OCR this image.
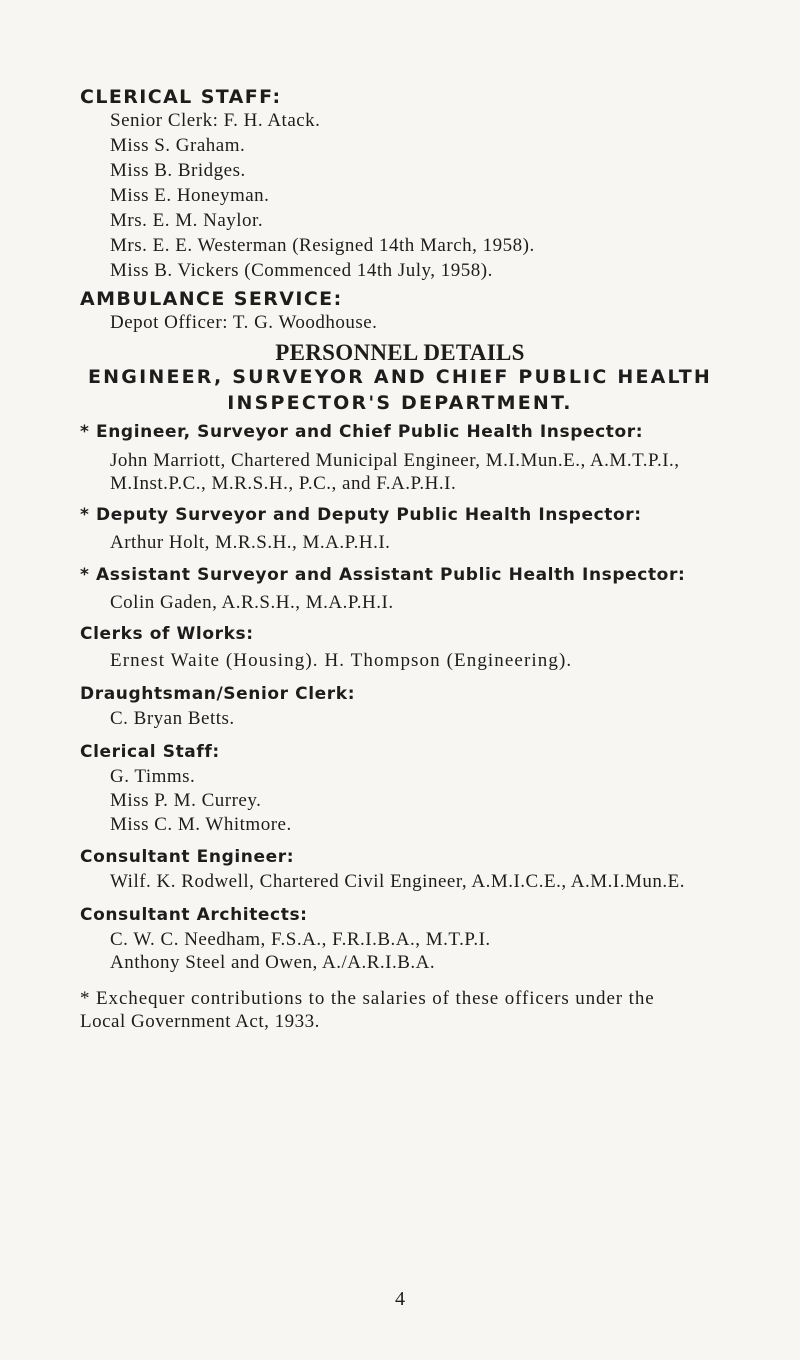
CLERICAL STAFF:
Senior Clerk: F. H. Atack.
Miss S. Graham.
Miss B. Bridges.
Miss E. Honeyman.
Mrs. E. M. Naylor.
Mrs. E. E. Westerman (Resigned 14th March, 1958).
Miss B. Vickers (Commenced 14th July, 1958).
AMBULANCE SERVICE:
Depot Officer: T. G. Woodhouse.
PERSONNEL DETAILS
ENGINEER, SURVEYOR AND CHIEF PUBLIC HEALTH
INSPECTOR'S DEPARTMENT.
* Engineer, Surveyor and Chief Public Health Inspector:
John Marriott, Chartered Municipal Engineer, M.I.Mun.E., A.M.T.P.I.,
M.Inst.P.C., M.R.S.H., P.C., and F.A.P.H.I.
* Deputy Surveyor and Deputy Public Health Inspector:
Arthur Holt, M.R.S.H., M.A.P.H.I.
* Assistant Surveyor and Assistant Public Health Inspector:
Colin Gaden, A.R.S.H., M.A.P.H.I.
Clerks of Wlorks:
Ernest Waite (Housing). H. Thompson (Engineering).
Draughtsman/Senior Clerk:
C. Bryan Betts.
Clerical Staff:
G. Timms.
Miss P. M. Currey.
Miss C. M. Whitmore.
Consultant Engineer:
Wilf. K. Rodwell, Chartered Civil Engineer, A.M.I.C.E., A.M.I.Mun.E.
Consultant Architects:
C. W. C. Needham, F.S.A., F.R.I.B.A., M.T.P.I.
Anthony Steel and Owen, A./A.R.I.B.A.
* Exchequer contributions to the salaries of these officers under the
Local Government Act, 1933.
4
